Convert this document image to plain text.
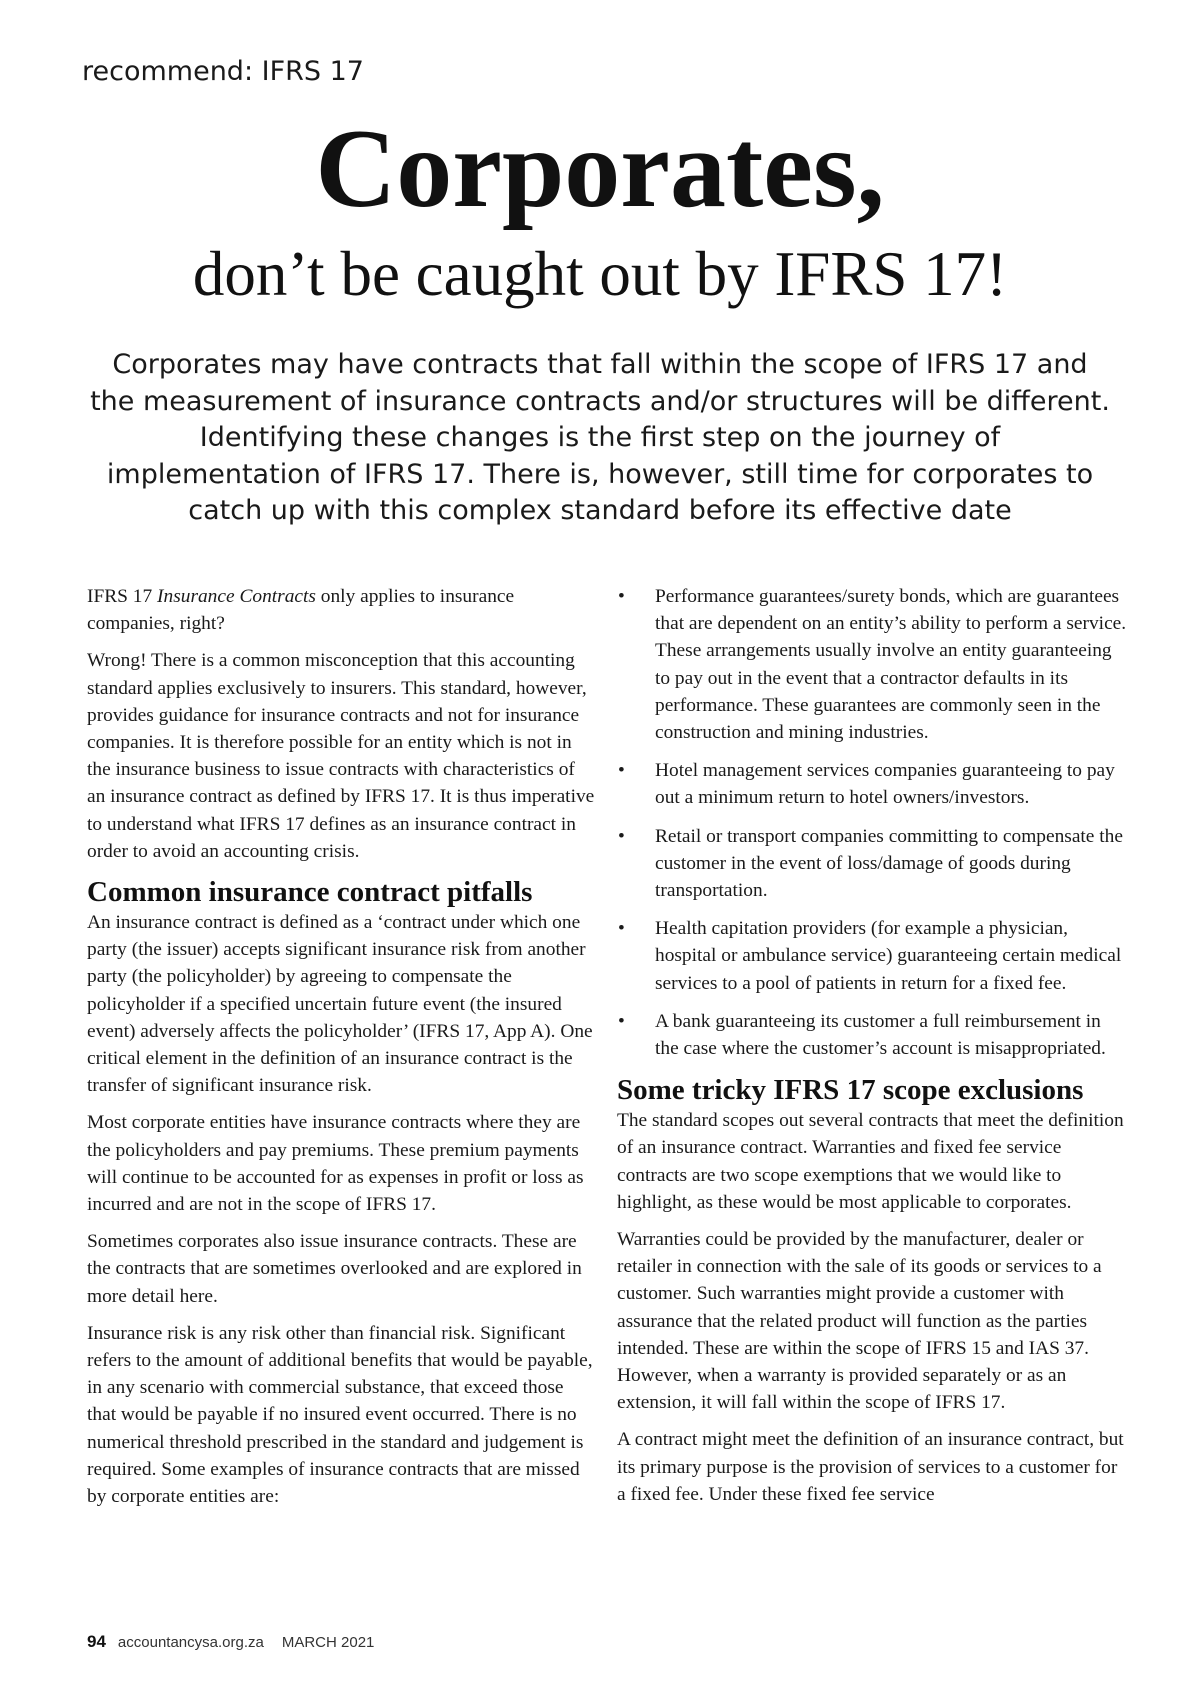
recommend: IFRS 17
Corporates,
don’t be caught out by IFRS 17!

Corporates may have contracts that fall within the scope of IFRS 17 and the measurement of insurance contracts and/or structures will be different. Identifying these changes is the first step on the journey of implementation of IFRS 17. There is, however, still time for corporates to catch up with this complex standard before its effective date

IFRS 17 Insurance Contracts only applies to insurance companies, right?

Wrong! There is a common misconception that this accounting standard applies exclusively to insurers. This standard, however, provides guidance for insurance contracts and not for insurance companies. It is therefore possible for an entity which is not in the insurance business to issue contracts with characteristics of an insurance contract as defined by IFRS 17. It is thus imperative to understand what IFRS 17 defines as an insurance contract in order to avoid an accounting crisis.

Common insurance contract pitfalls

An insurance contract is defined as a ‘contract under which one party (the issuer) accepts significant insurance risk from another party (the policyholder) by agreeing to compensate the policyholder if a specified uncertain future event (the insured event) adversely affects the policyholder’ (IFRS 17, App A). One critical element in the definition of an insurance contract is the transfer of significant insurance risk.

Most corporate entities have insurance contracts where they are the policyholders and pay premiums. These premium payments will continue to be accounted for as expenses in profit or loss as incurred and are not in the scope of IFRS 17.

Sometimes corporates also issue insurance contracts. These are the contracts that are sometimes overlooked and are explored in more detail here.

Insurance risk is any risk other than financial risk. Significant refers to the amount of additional benefits that would be payable, in any scenario with commercial substance, that exceed those that would be payable if no insured event occurred. There is no numerical threshold prescribed in the standard and judgement is required. Some examples of insurance contracts that are missed by corporate entities are:

• Performance guarantees/surety bonds, which are guarantees that are dependent on an entity’s ability to perform a service. These arrangements usually involve an entity guaranteeing to pay out in the event that a contractor defaults in its performance. These guarantees are commonly seen in the construction and mining industries.
• Hotel management services companies guaranteeing to pay out a minimum return to hotel owners/investors.
• Retail or transport companies committing to compensate the customer in the event of loss/damage of goods during transportation.
• Health capitation providers (for example a physician, hospital or ambulance service) guaranteeing certain medical services to a pool of patients in return for a fixed fee.
• A bank guaranteeing its customer a full reimbursement in the case where the customer’s account is misappropriated.
Some tricky IFRS 17 scope exclusions

The standard scopes out several contracts that meet the definition of an insurance contract. Warranties and fixed fee service contracts are two scope exemptions that we would like to highlight, as these would be most applicable to corporates.

Warranties could be provided by the manufacturer, dealer or retailer in connection with the sale of its goods or services to a customer. Such warranties might provide a customer with assurance that the related product will function as the parties intended. These are within the scope of IFRS 15 and IAS 37. However, when a warranty is provided separately or as an extension, it will fall within the scope of IFRS 17.

A contract might meet the definition of an insurance contract, but its primary purpose is the provision of services to a customer for a fixed fee. Under these fixed fee service

94 accountancysa.org.za MARCH 2021
